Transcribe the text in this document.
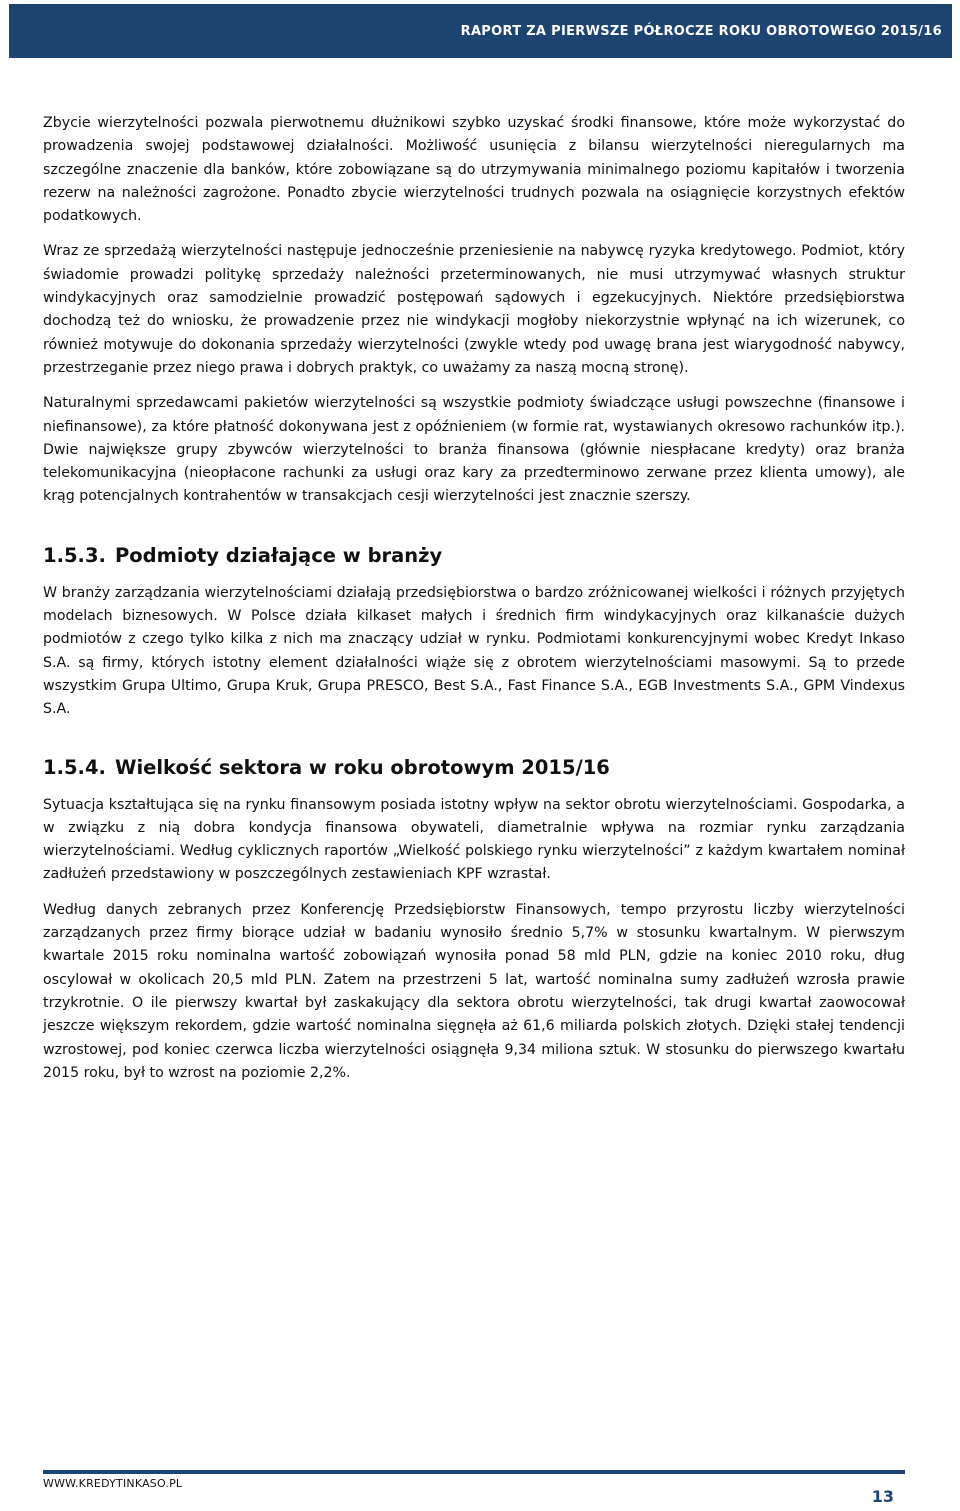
RAPORT ZA PIERWSZE PÓŁROCZE ROKU OBROTOWEGO 2015/16

Zbycie wierzytelności pozwala pierwotnemu dłużnikowi szybko uzyskać środki finansowe, które może wykorzystać do prowadzenia swojej podstawowej działalności. Możliwość usunięcia z bilansu wierzytelności nieregularnych ma szczególne znaczenie dla banków, które zobowiązane są do utrzymywania minimalnego poziomu kapitałów i tworzenia rezerw na należności zagrożone. Ponadto zbycie wierzytelności trudnych pozwala na osiągnięcie korzystnych efektów podatkowych.

Wraz ze sprzedażą wierzytelności następuje jednocześnie przeniesienie na nabywcę ryzyka kredytowego. Podmiot, który świadomie prowadzi politykę sprzedaży należności przeterminowanych, nie musi utrzymywać własnych struktur windykacyjnych oraz samodzielnie prowadzić postępowań sądowych i egzekucyjnych. Niektóre przedsiębiorstwa dochodzą też do wniosku, że prowadzenie przez nie windykacji mogłoby niekorzystnie wpłynąć na ich wizerunek, co również motywuje do dokonania sprzedaży wierzytelności (zwykle wtedy pod uwagę brana jest wiarygodność nabywcy, przestrzeganie przez niego prawa i dobrych praktyk, co uważamy za naszą mocną stronę).

Naturalnymi sprzedawcami pakietów wierzytelności są wszystkie podmioty świadczące usługi powszechne (finansowe i niefinansowe), za które płatność dokonywana jest z opóźnieniem (w formie rat, wystawianych okresowo rachunków itp.). Dwie największe grupy zbywców wierzytelności to branża finansowa (głównie niespłacane kredyty) oraz branża telekomunikacyjna (nieopłacone rachunki za usługi oraz kary za przedterminowo zerwane przez klienta umowy), ale krąg potencjalnych kontrahentów w transakcjach cesji wierzytelności jest znacznie szerszy.

1.5.3. Podmioty działające w branży

W branży zarządzania wierzytelnościami działają przedsiębiorstwa o bardzo zróżnicowanej wielkości i różnych przyjętych modelach biznesowych. W Polsce działa kilkaset małych i średnich firm windykacyjnych oraz kilkanaście dużych podmiotów z czego tylko kilka z nich ma znaczący udział w rynku. Podmiotami konkurencyjnymi wobec Kredyt Inkaso S.A. są firmy, których istotny element działalności wiąże się z obrotem wierzytelnościami masowymi. Są to przede wszystkim Grupa Ultimo, Grupa Kruk, Grupa PRESCO, Best S.A., Fast Finance S.A., EGB Investments S.A., GPM Vindexus S.A.

1.5.4. Wielkość sektora w roku obrotowym 2015/16

Sytuacja kształtująca się na rynku finansowym posiada istotny wpływ na sektor obrotu wierzytelnościami. Gospodarka, a w związku z nią dobra kondycja finansowa obywateli, diametralnie wpływa na rozmiar rynku zarządzania wierzytelnościami. Według cyklicznych raportów „Wielkość polskiego rynku wierzytelności” z każdym kwartałem nominał zadłużeń przedstawiony w poszczególnych zestawieniach KPF wzrastał.

Według danych zebranych przez Konferencję Przedsiębiorstw Finansowych, tempo przyrostu liczby wierzytelności zarządzanych przez firmy biorące udział w badaniu wynosiło średnio 5,7% w stosunku kwartalnym. W pierwszym kwartale 2015 roku nominalna wartość zobowiązań wynosiła ponad 58 mld PLN, gdzie na koniec 2010 roku, dług oscylował w okolicach 20,5 mld PLN. Zatem na przestrzeni 5 lat, wartość nominalna sumy zadłużeń wzrosła prawie trzykrotnie. O ile pierwszy kwartał był zaskakujący dla sektora obrotu wierzytelności, tak drugi kwartał zaowocował jeszcze większym rekordem, gdzie wartość nominalna sięgnęła aż 61,6 miliarda polskich złotych. Dzięki stałej tendencji wzrostowej, pod koniec czerwca liczba wierzytelności osiągnęła 9,34 miliona sztuk. W stosunku do pierwszego kwartału 2015 roku, był to wzrost na poziomie 2,2%.

WWW.KREDYTINKASO.PL
13
